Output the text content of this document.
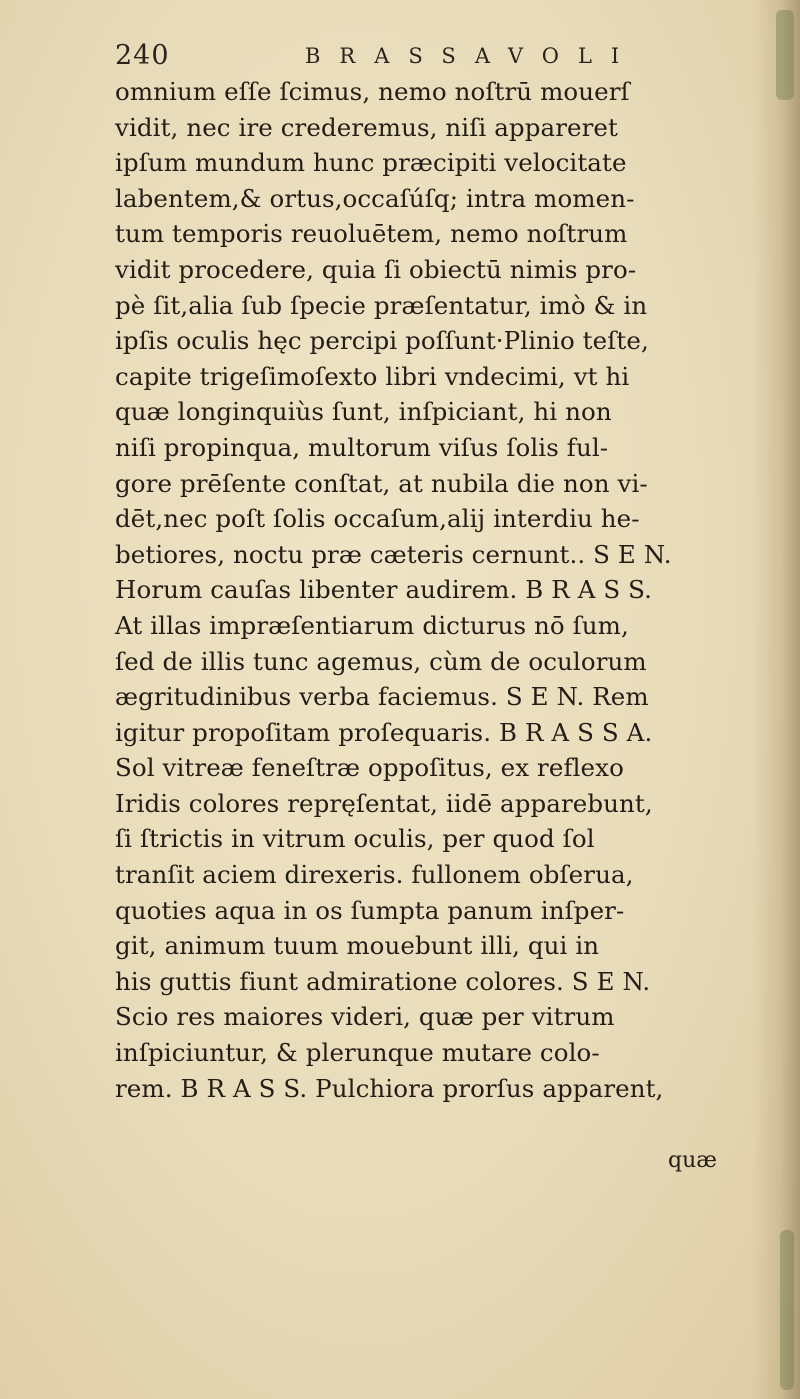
240	BRASSAVOLI
omnium eſſe ſcimus, nemo noſtrū mouerſ
vidit, nec ire crederemus, niſi appareret
ipſum mundum hunc præcipiti velocitate
labentem,& ortus,occaſúſq; intra momen-
tum temporis reuoluētem, nemo noſtrum
vidit procedere, quia ſi obiectū nimis pro-
pè ſit,alia ſub ſpecie præſentatur, imò & in
ipſis oculis hęc percipi poſſunt·Plinio teſte,
capite trigeſimoſexto libri vndecimi, vt hi
quæ longinquiùs ſunt, inſpiciant, hi non
niſi propinqua, multorum viſus ſolis ful-
gore prēſente conſtat, at nubila die non vi-
dēt,nec poſt ſolis occaſum,alij interdiu he-
betiores, noctu præ cæteris cernunt.. S E N.
Horum cauſas libenter audirem. B R A S S.
At illas impræſentiarum dicturus nō ſum,
ſed de illis tunc agemus, cùm de oculorum
ægritudinibus verba faciemus. S E N. Rem
igitur propoſitam proſequaris. B R A S S A.
Sol vitreæ feneſtræ oppoſitus, ex reflexo
Iridis colores repręſentat, iidē apparebunt,
ſi ſtrictis in vitrum oculis, per quod ſol
tranſit aciem direxeris. fullonem obſerua,
quoties aqua in os ſumpta panum inſper-
git, animum tuum mouebunt illi, qui in
his guttis fiunt admiratione colores. S E N.
Scio res maiores videri, quæ per vitrum
inſpiciuntur, & plerunque mutare colo-
rem. B R A S S. Pulchiora prorſus apparent,
quæ
